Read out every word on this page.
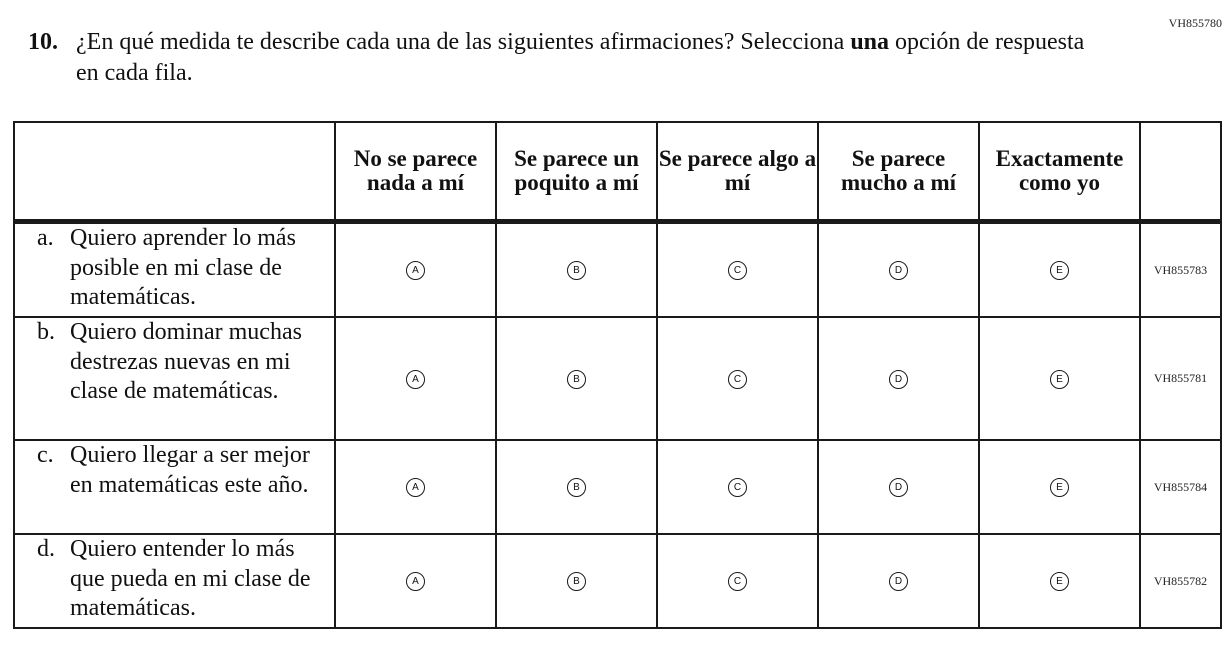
VH855780
10. ¿En qué medida te describe cada una de las siguientes afirmaciones? Selecciona una opción de respuesta en cada fila.
	No se parece nada a mí	Se parece un poquito a mí	Se parece algo a mí	Se parece mucho a mí	Exactamente como yo	

a. Quiero aprender lo más posible en mi clase de matemáticas.	A	B	C	D	E	VH855783

b. Quiero dominar muchas destrezas nuevas en mi clase de matemáticas.	A	B	C	D	E	VH855781

c. Quiero llegar a ser mejor en matemáticas este año.	A	B	C	D	E	VH855784

d. Quiero entender lo más que pueda en mi clase de matemáticas.	A	B	C	D	E	VH855782
